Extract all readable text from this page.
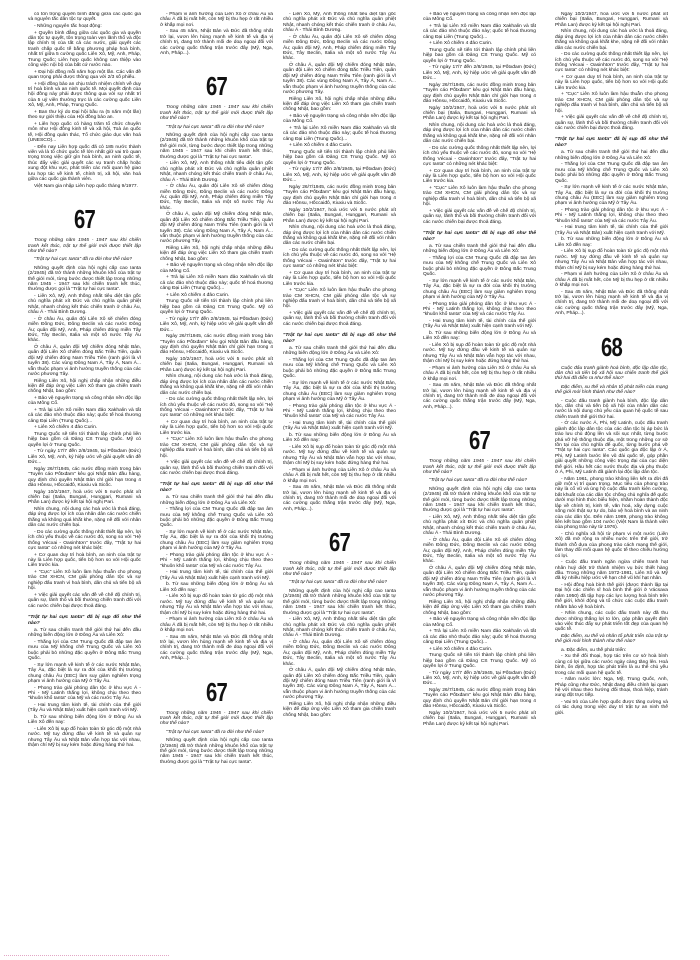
có tôn trọng quyền bình đẳng giữa các quốc gia và nguyên tắc dân tộc tự quyết.

- Những nguyên tắc hoạt động:

+ Quyền bình đẳng giữa các quốc gia và quyền dân tộc tự quyết, tôn trọng toàn vẹn lãnh thổ và độc lập chính trị của tất cả các nước, giải quyết các tranh chấp quốc tế bằng phương pháp hoà bình, nhất trí giữa 5 cường quốc Liên Xô, Mỹ, Anh, Pháp, Trung Quốc; Liên hợp quốc không can thiệp vào công việc nội bộ của bất cứ nước nào.

+ Đại hội đồng mỗi năm họp một lần. Các vấn đề quan trọng phải được thông qua với 2/3 số phiếu.

+ Hội đồng bảo an chịu trách nhiệm chính về duy trì hoà bình và an ninh quốc tế. Mọi quyết định của hội đồng này phải được thông qua với sự nhất trí của 5 uỷ viên thường trực là các cường quốc Liên Xô, Mỹ, Anh, Pháp, Trung Quốc.

+ Ban thư ký do Đại hội bầu ra (5 năm một lần) theo sự giới thiệu của Hội đồng bảo an.

+ Liên hợp quốc có hàng trăm tổ chức chuyên môn như Hội đồng kinh tế và xã hội, Toà án quốc tế, Hội đồng quản thác, Tổ chức giáo dục văn hoá (UNESCO)...

- Đến nay Liên hợp quốc đã có 185 nước thành viên và là tổ chức quốc tế lớn nhất giữ vai trò quan trọng trong việc giữ gìn hoà bình, an ninh quốc tế, thúc đẩy việc giải quyết các vụ tranh chấp hoặc xung đột khu vực, phát triển các mối quan hệ giao lưu hợp tác về kinh tế, chính trị, xã hội, văn hoá giữa các quốc gia thành viên.

Việt Nam gia nhập Liên hợp quốc tháng 9/1977.

67

Trong những năm 1945 - 1947 sau khi chiến tranh kết thúc, trật tự thế giới mới được thiết lập như thế nào?

"Trật tự hai cực Ianta" đã ra đời như thế nào?

Những quyết định của hội nghị cấp cao Ianta (2/1945) đã trở thành những khuôn khổ của trật tự thế giới mới, từng bước được thiết lập trong những năm 1945 - 1947 sau khi chiến tranh kết thúc, thường được gọi là "Trật tự hai cực Ianta".

- Liên Xô, Mỹ, Anh thống nhất tiêu diệt tận gốc chủ nghĩa phát xít Đức và chủ nghĩa quân phiệt Nhật, nhanh chóng kết thúc chiến tranh ở châu Âu, châu Á - Thái Bình Dương.

- Ở châu Âu, quân đội Liên Xô sẽ chiếm đóng miền Đông Đức, Đông Beclin và các nước Đông Âu; quân đội Mỹ, Anh, Pháp chiếm đóng miền Tây Đức, Tây Beclin, Italia và một số nước Tây Âu khác.

Ở châu Á, quân đội Mỹ chiếm đóng Nhật Bản, quân đội Liên Xô chiếm đóng Bắc Triều Tiên, quân đội Mỹ chiếm đóng Nam Triều Tiên (ranh giới là vĩ tuyến 38). Các vùng Đông Nam Á, Tây Á, Nam Á... vẫn thuộc phạm vi ảnh hưởng truyền thống của các nước phương Tây.

Riêng Liên Xô, hội nghị chấp nhận những điều kiện để đáp ứng việc Liên Xô tham gia chiến tranh chống Nhật, bao gồm:

+ Bảo vệ nguyên trạng và công nhận nền độc lập của Mông Cổ.

+ Trả lại Liên Xô miền Nam đảo Xakhalin và tất cả các đảo nhỏ thuộc đảo này; quốc tế hoá thương cảng Đại Liên (Trung Quốc)...

+ Liên Xô chiếm 4 đảo Curin.

Trung Quốc sẽ tiến tới thành lập chính phủ liên hiệp bao gồm cả Đảng CS Trung Quốc. Mỹ có quyền lợi ở Trung Quốc.

- Từ ngày 17/7 đến 2/8/1945, tại Pốtxđam (Đức) Liên Xô, Mỹ, Anh, ký hiệp ước về giải quyết vấn đề Đức...

Ngày 26/7/1945, các nước đồng minh trong bản "Tuyên cáo Pốtxđam" kêu gọi Nhật Bản đầu hàng, quy định chủ quyền Nhật Bản chỉ giới hạn trong 4 đảo Hônsu, Hốccaiđô, Kiuxiu và Sicốc.

Ngày 10/2/1947, hoà ước với 5 nước phát xít chiến bại (Italia, Bungari, Hunggari, Rumani và Phần Lan) được ký kết tại hội nghị Pari.

Nhìn chung, nội dung các hoà ước là thoả đáng, đáp ứng được lợi ích của nhân dân các nước chiến thắng và không quá khắt khe, nặng nề đối với nhân dân các nước chiến bại.

- Do các cường quốc thống nhất thiết lập nên, lợi ích chủ yếu thuộc về các nước đó, song so với "Hệ thống Vécxai - Oasinhtơn" trước đây, "Trật tự hai cực Ianta" có những nét khác biệt:

+ Cơ quan duy trì hoà bình, an ninh của trật tự này là Liên hợp quốc, tiến bộ hơn so với Hội quốc Liên trước kia.

+ "Cực" Liên Xô luôn làm hậu thuẫn cho phong trào CM XHCN, CM giải phóng dân tộc và sự nghiệp đấu tranh vì hoà bình, dân chủ và tiến bộ xã hội.

+ Việc giải quyết các vấn đề về chế độ chính trị, quân sự, lãnh thổ và bồi thường chiến tranh đối với các nước chiến bại được thoả đáng.

"Trật tự hai cực Ianta" đã bị sụp đổ như thế nào?

a. Từ sau chiến tranh thế giới thứ hai đến đầu những biến động lớn ở Đông Âu và Liên Xô:

- Thắng lợi của CM Trung Quốc đã đập tan âm mưu của Mỹ khống chế Trung Quốc và Liên Xô buộc phải bỏ những đặc quyền ở Đông Bắc Trung Quốc.

- Sự lớn mạnh về kinh tế ở các nước Nhật Bản, Tây Âu, đặc biệt là sự ra đời của khối thị trường chung châu Âu (EEC) làm suy giảm nghiêm trọng phạm vi ảnh hưởng của Mỹ ở Tây Âu.

- Phong trào giải phóng dân tộc ở khu vực Á - Phi - Mỹ Latinh thắng lợi, không chịu theo theo "khuôn khổ Ianta" của Mỹ và các nước Tây Âu.

- Hai trung tâm kinh tế, tài chính của thế giới (Tây Âu và Nhật Bản) xuất hiện cạnh tranh với Mỹ.

b. Từ sau những biến động lớn ở Đông Âu và Liên Xô đến nay:

- Liên Xô bị sụp đổ hoàn toàn từ góc độ một nhà nước. Mỹ tuy đứng đầu về kinh tế và quân sự nhưng Tây Âu và Nhật Bản vẫn hợp tác với nhau, thậm chí Mỹ bị suy kém hoặc đứng hàng thứ hai.

- Phạm vi ảnh hưởng của Liên Xô ở châu Âu và châu Á đã bị mất hết, còn Mỹ bị thu hẹp ở rất nhiều ở khắp mọi nơi.

- Sau 45 năm, Nhật Bản và Đức đã thống nhất trở lại, vươn lên hùng mạnh về kinh tế và địa vị chính trị, đang trở thành mối đe doạ ngoại đối với các cường quốc thắng trận trước đây (Mỹ, Nga, Anh, Pháp...).

67

Trong những năm 1945 - 1947 sau khi chiến tranh kết thúc, trật tự thế giới mới được thiết lập như thế nào?

"Trật tự hai cực Ianta" đã ra đời như thế nào?

Những quyết định của hội nghị cấp cao Ianta (2/1945) đã trở thành những khuôn khổ của trật tự thế giới mới, từng bước được thiết lập trong những năm 1945 - 1947 sau khi chiến tranh kết thúc, thường được gọi là "Trật tự hai cực Ianta".

- Liên Xô, Mỹ, Anh thống nhất tiêu diệt tận gốc chủ nghĩa phát xít Đức và chủ nghĩa quân phiệt Nhật, nhanh chóng kết thúc chiến tranh ở châu Âu, châu Á - Thái Bình Dương.

- Ở châu Âu, quân đội Liên Xô sẽ chiếm đóng miền Đông Đức, Đông Beclin và các nước Đông Âu; quân đội Mỹ, Anh, Pháp chiếm đóng miền Tây Đức, Tây Beclin, Italia và một số nước Tây Âu khác.

Ở châu Á, quân đội Mỹ chiếm đóng Nhật Bản, quân đội Liên Xô chiếm đóng Bắc Triều Tiên, quân đội Mỹ chiếm đóng Nam Triều Tiên (ranh giới là vĩ tuyến 38). Các vùng Đông Nam Á, Tây Á, Nam Á... vẫn thuộc phạm vi ảnh hưởng truyền thống của các nước phương Tây.

Riêng Liên Xô, hội nghị chấp nhận những điều kiện để đáp ứng việc Liên Xô tham gia chiến tranh chống Nhật, bao gồm:

+ Bảo vệ nguyên trạng và công nhận nền độc lập của Mông Cổ.

+ Trả lại Liên Xô miền Nam đảo Xakhalin và tất cả các đảo nhỏ thuộc đảo này; quốc tế hoá thương cảng Đại Liên (Trung Quốc)...

+ Liên Xô chiếm 4 đảo Curin.

Trung Quốc sẽ tiến tới thành lập chính phủ liên hiệp bao gồm cả Đảng CS Trung Quốc. Mỹ có quyền lợi ở Trung Quốc.

- Từ ngày 17/7 đến 2/8/1945, tại Pốtxđam (Đức) Liên Xô, Mỹ, Anh, ký hiệp ước về giải quyết vấn đề Đức...

Ngày 26/7/1945, các nước đồng minh trong bản "Tuyên cáo Pốtxđam" kêu gọi Nhật Bản đầu hàng, quy định chủ quyền Nhật Bản chỉ giới hạn trong 4 đảo Hônsu, Hốccaiđô, Kiuxiu và Sicốc.

Ngày 10/2/1947, hoà ước với 5 nước phát xít chiến bại (Italia, Bungari, Hunggari, Rumani và Phần Lan) được ký kết tại hội nghị Pari.

Nhìn chung, nội dung các hoà ước là thoả đáng, đáp ứng được lợi ích của nhân dân các nước chiến thắng và không quá khắt khe, nặng nề đối với nhân dân các nước chiến bại.

- Do các cường quốc thống nhất thiết lập nên, lợi ích chủ yếu thuộc về các nước đó, song so với "Hệ thống Vécxai - Oasinhtơn" trước đây, "Trật tự hai cực Ianta" có những nét khác biệt:

+ Cơ quan duy trì hoà bình, an ninh của trật tự này là Liên hợp quốc, tiến bộ hơn so với Hội quốc Liên trước kia.

+ "Cực" Liên Xô luôn làm hậu thuẫn cho phong trào CM XHCN, CM giải phóng dân tộc và sự nghiệp đấu tranh vì hoà bình, dân chủ và tiến bộ xã hội.

+ Việc giải quyết các vấn đề về chế độ chính trị, quân sự, lãnh thổ và bồi thường chiến tranh đối với các nước chiến bại được thoả đáng.

"Trật tự hai cực Ianta" đã bị sụp đổ như thế nào?

a. Từ sau chiến tranh thế giới thứ hai đến đầu những biến động lớn ở Đông Âu và Liên Xô:

- Thắng lợi của CM Trung Quốc đã đập tan âm mưu của Mỹ khống chế Trung Quốc và Liên Xô buộc phải bỏ những đặc quyền ở Đông Bắc Trung Quốc.

- Sự lớn mạnh về kinh tế ở các nước Nhật Bản, Tây Âu, đặc biệt là sự ra đời của khối thị trường chung châu Âu (EEC) làm suy giảm nghiêm trọng phạm vi ảnh hưởng của Mỹ ở Tây Âu.

- Phong trào giải phóng dân tộc ở khu vực Á - Phi - Mỹ Latinh thắng lợi, không chịu theo theo "khuôn khổ Ianta" của Mỹ và các nước Tây Âu.

- Hai trung tâm kinh tế, tài chính của thế giới (Tây Âu và Nhật Bản) xuất hiện cạnh tranh với Mỹ.

b. Từ sau những biến động lớn ở Đông Âu và Liên Xô đến nay:

- Liên Xô bị sụp đổ hoàn toàn từ góc độ một nhà nước. Mỹ tuy đứng đầu về kinh tế và quân sự nhưng Tây Âu và Nhật Bản vẫn hợp tác với nhau, thậm chí Mỹ bị suy kém hoặc đứng hàng thứ hai.

- Phạm vi ảnh hưởng của Liên Xô ở châu Âu và châu Á đã bị mất hết, còn Mỹ bị thu hẹp ở rất nhiều ở khắp mọi nơi.

- Sau 45 năm, Nhật Bản và Đức đã thống nhất trở lại, vươn lên hùng mạnh về kinh tế và địa vị chính trị, đang trở thành mối đe doạ ngoại đối với các cường quốc thắng trận trước đây (Mỹ, Nga, Anh, Pháp...).

67

Trong những năm 1945 - 1947 sau khi chiến tranh kết thúc, trật tự thế giới mới được thiết lập như thế nào?

"Trật tự hai cực Ianta" đã ra đời như thế nào?

Những quyết định của hội nghị cấp cao Ianta (2/1945) đã trở thành những khuôn khổ của trật tự thế giới mới, từng bước được thiết lập trong những năm 1945 - 1947 sau khi chiến tranh kết thúc, thường được gọi là "Trật tự hai cực Ianta".

- Liên Xô, Mỹ, Anh thống nhất tiêu diệt tận gốc chủ nghĩa phát xít Đức và chủ nghĩa quân phiệt Nhật, nhanh chóng kết thúc chiến tranh ở châu Âu, châu Á - Thái Bình Dương.

- Ở châu Âu, quân đội Liên Xô sẽ chiếm đóng miền Đông Đức, Đông Beclin và các nước Đông Âu; quân đội Mỹ, Anh, Pháp chiếm đóng miền Tây Đức, Tây Beclin, Italia và một số nước Tây Âu khác.

Ở châu Á, quân đội Mỹ chiếm đóng Nhật Bản, quân đội Liên Xô chiếm đóng Bắc Triều Tiên, quân đội Mỹ chiếm đóng Nam Triều Tiên (ranh giới là vĩ tuyến 38). Các vùng Đông Nam Á, Tây Á, Nam Á... vẫn thuộc phạm vi ảnh hưởng truyền thống của các nước phương Tây.

Riêng Liên Xô, hội nghị chấp nhận những điều kiện để đáp ứng việc Liên Xô tham gia chiến tranh chống Nhật, bao gồm:

+ Bảo vệ nguyên trạng và công nhận nền độc lập của Mông Cổ.

+ Trả lại Liên Xô miền Nam đảo Xakhalin và tất cả các đảo nhỏ thuộc đảo này; quốc tế hoá thương cảng Đại Liên (Trung Quốc)...

+ Liên Xô chiếm 4 đảo Curin.

Trung Quốc sẽ tiến tới thành lập chính phủ liên hiệp bao gồm cả Đảng CS Trung Quốc. Mỹ có quyền lợi ở Trung Quốc.

- Từ ngày 17/7 đến 2/8/1945, tại Pốtxđam (Đức) Liên Xô, Mỹ, Anh, ký hiệp ước về giải quyết vấn đề Đức...

Ngày 26/7/1945, các nước đồng minh trong bản "Tuyên cáo Pốtxđam" kêu gọi Nhật Bản đầu hàng, quy định chủ quyền Nhật Bản chỉ giới hạn trong 4 đảo Hônsu, Hốccaiđô, Kiuxiu và Sicốc.

Ngày 10/2/1947, hoà ước với 5 nước phát xít chiến bại (Italia, Bungari, Hunggari, Rumani và Phần Lan) được ký kết tại hội nghị Pari.

Nhìn chung, nội dung các hoà ước là thoả đáng, đáp ứng được lợi ích của nhân dân các nước chiến thắng và không quá khắt khe, nặng nề đối với nhân dân các nước chiến bại.

- Do các cường quốc thống nhất thiết lập nên, lợi ích chủ yếu thuộc về các nước đó, song so với "Hệ thống Vécxai - Oasinhtơn" trước đây, "Trật tự hai cực Ianta" có những nét khác biệt:

+ Cơ quan duy trì hoà bình, an ninh của trật tự này là Liên hợp quốc, tiến bộ hơn so với Hội quốc Liên trước kia.

+ "Cực" Liên Xô luôn làm hậu thuẫn cho phong trào CM XHCN, CM giải phóng dân tộc và sự nghiệp đấu tranh vì hoà bình, dân chủ và tiến bộ xã hội.

+ Việc giải quyết các vấn đề về chế độ chính trị, quân sự, lãnh thổ và bồi thường chiến tranh đối với các nước chiến bại được thoả đáng.

"Trật tự hai cực Ianta" đã bị sụp đổ như thế nào?

a. Từ sau chiến tranh thế giới thứ hai đến đầu những biến động lớn ở Đông Âu và Liên Xô:

- Thắng lợi của CM Trung Quốc đã đập tan âm mưu của Mỹ khống chế Trung Quốc và Liên Xô buộc phải bỏ những đặc quyền ở Đông Bắc Trung Quốc.

- Sự lớn mạnh về kinh tế ở các nước Nhật Bản, Tây Âu, đặc biệt là sự ra đời của khối thị trường chung châu Âu (EEC) làm suy giảm nghiêm trọng phạm vi ảnh hưởng của Mỹ ở Tây Âu.

- Phong trào giải phóng dân tộc ở khu vực Á - Phi - Mỹ Latinh thắng lợi, không chịu theo theo "khuôn khổ Ianta" của Mỹ và các nước Tây Âu.

- Hai trung tâm kinh tế, tài chính của thế giới (Tây Âu và Nhật Bản) xuất hiện cạnh tranh với Mỹ.

b. Từ sau những biến động lớn ở Đông Âu và Liên Xô đến nay:

- Liên Xô bị sụp đổ hoàn toàn từ góc độ một nhà nước. Mỹ tuy đứng đầu về kinh tế và quân sự nhưng Tây Âu và Nhật Bản vẫn hợp tác với nhau, thậm chí Mỹ bị suy kém hoặc đứng hàng thứ hai.

- Phạm vi ảnh hưởng của Liên Xô ở châu Âu và châu Á đã bị mất hết, còn Mỹ bị thu hẹp ở rất nhiều ở khắp mọi nơi.

- Sau 45 năm, Nhật Bản và Đức đã thống nhất trở lại, vươn lên hùng mạnh về kinh tế và địa vị chính trị, đang trở thành mối đe doạ ngoại đối với các cường quốc thắng trận trước đây (Mỹ, Nga, Anh, Pháp...).

67

Trong những năm 1945 - 1947 sau khi chiến tranh kết thúc, trật tự thế giới mới được thiết lập như thế nào?

"Trật tự hai cực Ianta" đã ra đời như thế nào?

Những quyết định của hội nghị cấp cao Ianta (2/1945) đã trở thành những khuôn khổ của trật tự thế giới mới, từng bước được thiết lập trong những năm 1945 - 1947 sau khi chiến tranh kết thúc, thường được gọi là "Trật tự hai cực Ianta".

- Liên Xô, Mỹ, Anh thống nhất tiêu diệt tận gốc chủ nghĩa phát xít Đức và chủ nghĩa quân phiệt Nhật, nhanh chóng kết thúc chiến tranh ở châu Âu, châu Á - Thái Bình Dương.

- Ở châu Âu, quân đội Liên Xô sẽ chiếm đóng miền Đông Đức, Đông Beclin và các nước Đông Âu; quân đội Mỹ, Anh, Pháp chiếm đóng miền Tây Đức, Tây Beclin, Italia và một số nước Tây Âu khác.

Ở châu Á, quân đội Mỹ chiếm đóng Nhật Bản, quân đội Liên Xô chiếm đóng Bắc Triều Tiên, quân đội Mỹ chiếm đóng Nam Triều Tiên (ranh giới là vĩ tuyến 38). Các vùng Đông Nam Á, Tây Á, Nam Á... vẫn thuộc phạm vi ảnh hưởng truyền thống của các nước phương Tây.

Riêng Liên Xô, hội nghị chấp nhận những điều kiện để đáp ứng việc Liên Xô tham gia chiến tranh chống Nhật, bao gồm:

+ Bảo vệ nguyên trạng và công nhận nền độc lập của Mông Cổ.

+ Trả lại Liên Xô miền Nam đảo Xakhalin và tất cả các đảo nhỏ thuộc đảo này; quốc tế hoá thương cảng Đại Liên (Trung Quốc)...

+ Liên Xô chiếm 4 đảo Curin.

Trung Quốc sẽ tiến tới thành lập chính phủ liên hiệp bao gồm cả Đảng CS Trung Quốc. Mỹ có quyền lợi ở Trung Quốc.

- Từ ngày 17/7 đến 2/8/1945, tại Pốtxđam (Đức) Liên Xô, Mỹ, Anh, ký hiệp ước về giải quyết vấn đề Đức...

Ngày 26/7/1945, các nước đồng minh trong bản "Tuyên cáo Pốtxđam" kêu gọi Nhật Bản đầu hàng, quy định chủ quyền Nhật Bản chỉ giới hạn trong 4 đảo Hônsu, Hốccaiđô, Kiuxiu và Sicốc.

Ngày 10/2/1947, hoà ước với 5 nước phát xít chiến bại (Italia, Bungari, Hunggari, Rumani và Phần Lan) được ký kết tại hội nghị Pari.

Nhìn chung, nội dung các hoà ước là thoả đáng, đáp ứng được lợi ích của nhân dân các nước chiến thắng và không quá khắt khe, nặng nề đối với nhân dân các nước chiến bại.

- Do các cường quốc thống nhất thiết lập nên, lợi ích chủ yếu thuộc về các nước đó, song so với "Hệ thống Vécxai - Oasinhtơn" trước đây, "Trật tự hai cực Ianta" có những nét khác biệt:

+ Cơ quan duy trì hoà bình, an ninh của trật tự này là Liên hợp quốc, tiến bộ hơn so với Hội quốc Liên trước kia.

+ "Cực" Liên Xô luôn làm hậu thuẫn cho phong trào CM XHCN, CM giải phóng dân tộc và sự nghiệp đấu tranh vì hoà bình, dân chủ và tiến bộ xã hội.

+ Việc giải quyết các vấn đề về chế độ chính trị, quân sự, lãnh thổ và bồi thường chiến tranh đối với các nước chiến bại được thoả đáng.

"Trật tự hai cực Ianta" đã bị sụp đổ như thế nào?

a. Từ sau chiến tranh thế giới thứ hai đến đầu những biến động lớn ở Đông Âu và Liên Xô:

- Thắng lợi của CM Trung Quốc đã đập tan âm mưu của Mỹ khống chế Trung Quốc và Liên Xô buộc phải bỏ những đặc quyền ở Đông Bắc Trung Quốc.

- Sự lớn mạnh về kinh tế ở các nước Nhật Bản, Tây Âu, đặc biệt là sự ra đời của khối thị trường chung châu Âu (EEC) làm suy giảm nghiêm trọng phạm vi ảnh hưởng của Mỹ ở Tây Âu.

- Phong trào giải phóng dân tộc ở khu vực Á - Phi - Mỹ Latinh thắng lợi, không chịu theo theo "khuôn khổ Ianta" của Mỹ và các nước Tây Âu.

- Hai trung tâm kinh tế, tài chính của thế giới (Tây Âu và Nhật Bản) xuất hiện cạnh tranh với Mỹ.

b. Từ sau những biến động lớn ở Đông Âu và Liên Xô đến nay:

- Liên Xô bị sụp đổ hoàn toàn từ góc độ một nhà nước. Mỹ tuy đứng đầu về kinh tế và quân sự nhưng Tây Âu và Nhật Bản vẫn hợp tác với nhau, thậm chí Mỹ bị suy kém hoặc đứng hàng thứ hai.

- Phạm vi ảnh hưởng của Liên Xô ở châu Âu và châu Á đã bị mất hết, còn Mỹ bị thu hẹp ở rất nhiều ở khắp mọi nơi.

- Sau 45 năm, Nhật Bản và Đức đã thống nhất trở lại, vươn lên hùng mạnh về kinh tế và địa vị chính trị, đang trở thành mối đe doạ ngoại đối với các cường quốc thắng trận trước đây (Mỹ, Nga, Anh, Pháp...).

67

Trong những năm 1945 - 1947 sau khi chiến tranh kết thúc, trật tự thế giới mới được thiết lập như thế nào?

"Trật tự hai cực Ianta" đã ra đời như thế nào?

Những quyết định của hội nghị cấp cao Ianta (2/1945) đã trở thành những khuôn khổ của trật tự thế giới mới, từng bước được thiết lập trong những năm 1945 - 1947 sau khi chiến tranh kết thúc, thường được gọi là "Trật tự hai cực Ianta".

- Liên Xô, Mỹ, Anh thống nhất tiêu diệt tận gốc chủ nghĩa phát xít Đức và chủ nghĩa quân phiệt Nhật, nhanh chóng kết thúc chiến tranh ở châu Âu, châu Á - Thái Bình Dương.

- Ở châu Âu, quân đội Liên Xô sẽ chiếm đóng miền Đông Đức, Đông Beclin và các nước Đông Âu; quân đội Mỹ, Anh, Pháp chiếm đóng miền Tây Đức, Tây Beclin, Italia và một số nước Tây Âu khác.

Ở châu Á, quân đội Mỹ chiếm đóng Nhật Bản, quân đội Liên Xô chiếm đóng Bắc Triều Tiên, quân đội Mỹ chiếm đóng Nam Triều Tiên (ranh giới là vĩ tuyến 38). Các vùng Đông Nam Á, Tây Á, Nam Á... vẫn thuộc phạm vi ảnh hưởng truyền thống của các nước phương Tây.

Riêng Liên Xô, hội nghị chấp nhận những điều kiện để đáp ứng việc Liên Xô tham gia chiến tranh chống Nhật, bao gồm:

+ Bảo vệ nguyên trạng và công nhận nền độc lập của Mông Cổ.

+ Trả lại Liên Xô miền Nam đảo Xakhalin và tất cả các đảo nhỏ thuộc đảo này; quốc tế hoá thương cảng Đại Liên (Trung Quốc)...

+ Liên Xô chiếm 4 đảo Curin.

Trung Quốc sẽ tiến tới thành lập chính phủ liên hiệp bao gồm cả Đảng CS Trung Quốc. Mỹ có quyền lợi ở Trung Quốc.

- Từ ngày 17/7 đến 2/8/1945, tại Pốtxđam (Đức) Liên Xô, Mỹ, Anh, ký hiệp ước về giải quyết vấn đề Đức...

Ngày 26/7/1945, các nước đồng minh trong bản "Tuyên cáo Pốtxđam" kêu gọi Nhật Bản đầu hàng, quy định chủ quyền Nhật Bản chỉ giới hạn trong 4 đảo Hônsu, Hốccaiđô, Kiuxiu và Sicốc.

Ngày 10/2/1947, hoà ước với 5 nước phát xít chiến bại (Italia, Bungari, Hunggari, Rumani và Phần Lan) được ký kết tại hội nghị Pari.

Ngày 10/2/1947, hoà ước với 5 nước phát xít chiến bại (Italia, Bungari, Hunggari, Rumani và Phần Lan) được ký kết tại hội nghị Pari.

Nhìn chung, nội dung các hoà ước là thoả đáng, đáp ứng được lợi ích của nhân dân các nước chiến thắng và không quá khắt khe, nặng nề đối với nhân dân các nước chiến bại.

- Do các cường quốc thống nhất thiết lập nên, lợi ích chủ yếu thuộc về các nước đó, song so với "Hệ thống Vécxai - Oasinhtơn" trước đây, "Trật tự hai cực Ianta" có những nét khác biệt:

+ Cơ quan duy trì hoà bình, an ninh của trật tự này là Liên hợp quốc, tiến bộ hơn so với Hội quốc Liên trước kia.

+ "Cực" Liên Xô luôn làm hậu thuẫn cho phong trào CM XHCN, CM giải phóng dân tộc và sự nghiệp đấu tranh vì hoà bình, dân chủ và tiến bộ xã hội.

+ Việc giải quyết các vấn đề về chế độ chính trị, quân sự, lãnh thổ và bồi thường chiến tranh đối với các nước chiến bại được thoả đáng.

"Trật tự hai cực Ianta" đã bị sụp đổ như thế nào?

a. Từ sau chiến tranh thế giới thứ hai đến đầu những biến động lớn ở Đông Âu và Liên Xô:

- Thắng lợi của CM Trung Quốc đã đập tan âm mưu của Mỹ khống chế Trung Quốc và Liên Xô buộc phải bỏ những đặc quyền ở Đông Bắc Trung Quốc.

- Sự lớn mạnh về kinh tế ở các nước Nhật Bản, Tây Âu, đặc biệt là sự ra đời của khối thị trường chung châu Âu (EEC) làm suy giảm nghiêm trọng phạm vi ảnh hưởng của Mỹ ở Tây Âu.

- Phong trào giải phóng dân tộc ở khu vực Á - Phi - Mỹ Latinh thắng lợi, không chịu theo theo "khuôn khổ Ianta" của Mỹ và các nước Tây Âu.

- Hai trung tâm kinh tế, tài chính của thế giới (Tây Âu và Nhật Bản) xuất hiện cạnh tranh với Mỹ.

b. Từ sau những biến động lớn ở Đông Âu và Liên Xô đến nay:

- Liên Xô bị sụp đổ hoàn toàn từ góc độ một nhà nước. Mỹ tuy đứng đầu về kinh tế và quân sự nhưng Tây Âu và Nhật Bản vẫn hợp tác với nhau, thậm chí Mỹ bị suy kém hoặc đứng hàng thứ hai.

- Phạm vi ảnh hưởng của Liên Xô ở châu Âu và châu Á đã bị mất hết, còn Mỹ bị thu hẹp ở rất nhiều ở khắp mọi nơi.

- Sau 45 năm, Nhật Bản và Đức đã thống nhất trở lại, vươn lên hùng mạnh về kinh tế và địa vị chính trị, đang trở thành mối đe doạ ngoại đối với các cường quốc thắng trận trước đây (Mỹ, Nga, Anh, Pháp...).

68

Cuộc đấu tranh giành hoà bình, độc lập dân tộc, dân chủ và tiến bộ xã hội sau chiến tranh thế giới thứ hai đã diễn ra như thế nào?

Đặc điểm, xu thế và nhân tố phát triển của mạng thế giới mới hình thành như thế nào?

- Cuộc đấu tranh giành hoà bình, độc lập dân tộc, dân chủ và tiến bộ xã hội của nhân dân các nước là nội dung chủ yếu của quan hệ quốc tế sau chiến tranh thế giới thứ hai.

- Ở các nước Á, Phi, Mỹ Latinh, cuộc đấu tranh giành độc lập dân tộc của các dân tộc bị áp bức là trào lưu chủ động lên và sôi sục nhất, từng bước phá vỡ hệ thống thuộc địa, một trong những cơ sở tồn tại của chủ nghĩa đế quốc, từng bước phá vỡ "Trật tự hai cực Ianta". Các quốc gia độc lập ở Á, Phi, Mỹ Latinh bước lên vũ đài quốc tế, góp phần giải quyết những công việc trọng đại của cục diện thế giới. Hầu hết các nước thuộc địa và phụ thuộc ở Á, Phi, Mỹ Latinh đã giành lại độc lập dân tộc.

- Năm 1961, phong trào không liên kết ra đời đã giữ một vị trí quan trọng. Mục tiêu của phong trào này là cổ vũ và ủng hộ cuộc đấu tranh kiên cường, bất khuất của các dân tộc chống chủ nghĩa đế quốc dưới mọi hình thức biểu hiện, nhằm hoàn thành độc lập về chính trị, kinh tế, văn hoá, xây dựng cuộc sống mới thật sự tự do, bảo vệ hoà bình và an ninh của các dân tộc. Đến năm 1989, phong trào không liên kết bao gồm 104 nước (Việt Nam là thành viên của phong trào này từ 1976).

- Chủ nghĩa xã hội từ phạm vi một nước (Liên Xô) đã mở rộng ra nhiều nước trên thế giới, trở thành chỗ dựa của phong trào cách mạng thế giới, làm thay đổi mối quan hệ quốc tế theo chiều hướng có lợi.

- Cuộc đấu tranh ngăn ngừa chiến tranh hạt nhân huỷ diệt trở thành nhiệm vụ bức thiết hàng đầu. Trong những năm 1972-1981, Liên Xô và Mỹ đã ký nhiều hiệp ước về hạn chế vũ khí hạt nhân.

- Hội đồng hoà bình thế giới (được thành lập tại Đại hội các chiến sĩ hoà bình thế giới ở Vácsava năm 1950) đã tập hợp các lực lượng hoà bình trên thế giới, khởi động và tổ chức các cuộc đấu tranh nhằm bảo vệ hoà bình.

- Nhìn chung, các cuộc đấu tranh này đã thu được những thắng lợi to lớn, góp phần quyết định vào việc thúc đẩy sự phát triển tốt đẹp của quan hệ quốc tế.

Đặc điểm, xu thế và nhân tố phát triển của trật tự thế giới mới hình thành như thế nào?

a. Đặc điểm, xu thế phát triển:

- Xu thế đối thoại, hợp tác trên cơ sở hoà bình cùng có lợi giữa các nước ngày càng tăng lên. Hoà bình, ổn định, hợp tác phát triển là xu thế chủ yếu trong các mối quan hệ quốc tế.

- Năm nước lớn: Nga, Mỹ, Trung Quốc, Anh, Pháp cũng như Đức, Nhật đang điều chỉnh lại quan hệ với nhau theo hướng đối thoại, thoả hiệp, tránh xung đột trực tiếp.

- Vai trò của Liên hợp quốc được tăng cường và có tác dụng trong việc duy trì trật tự an ninh thế giới.
